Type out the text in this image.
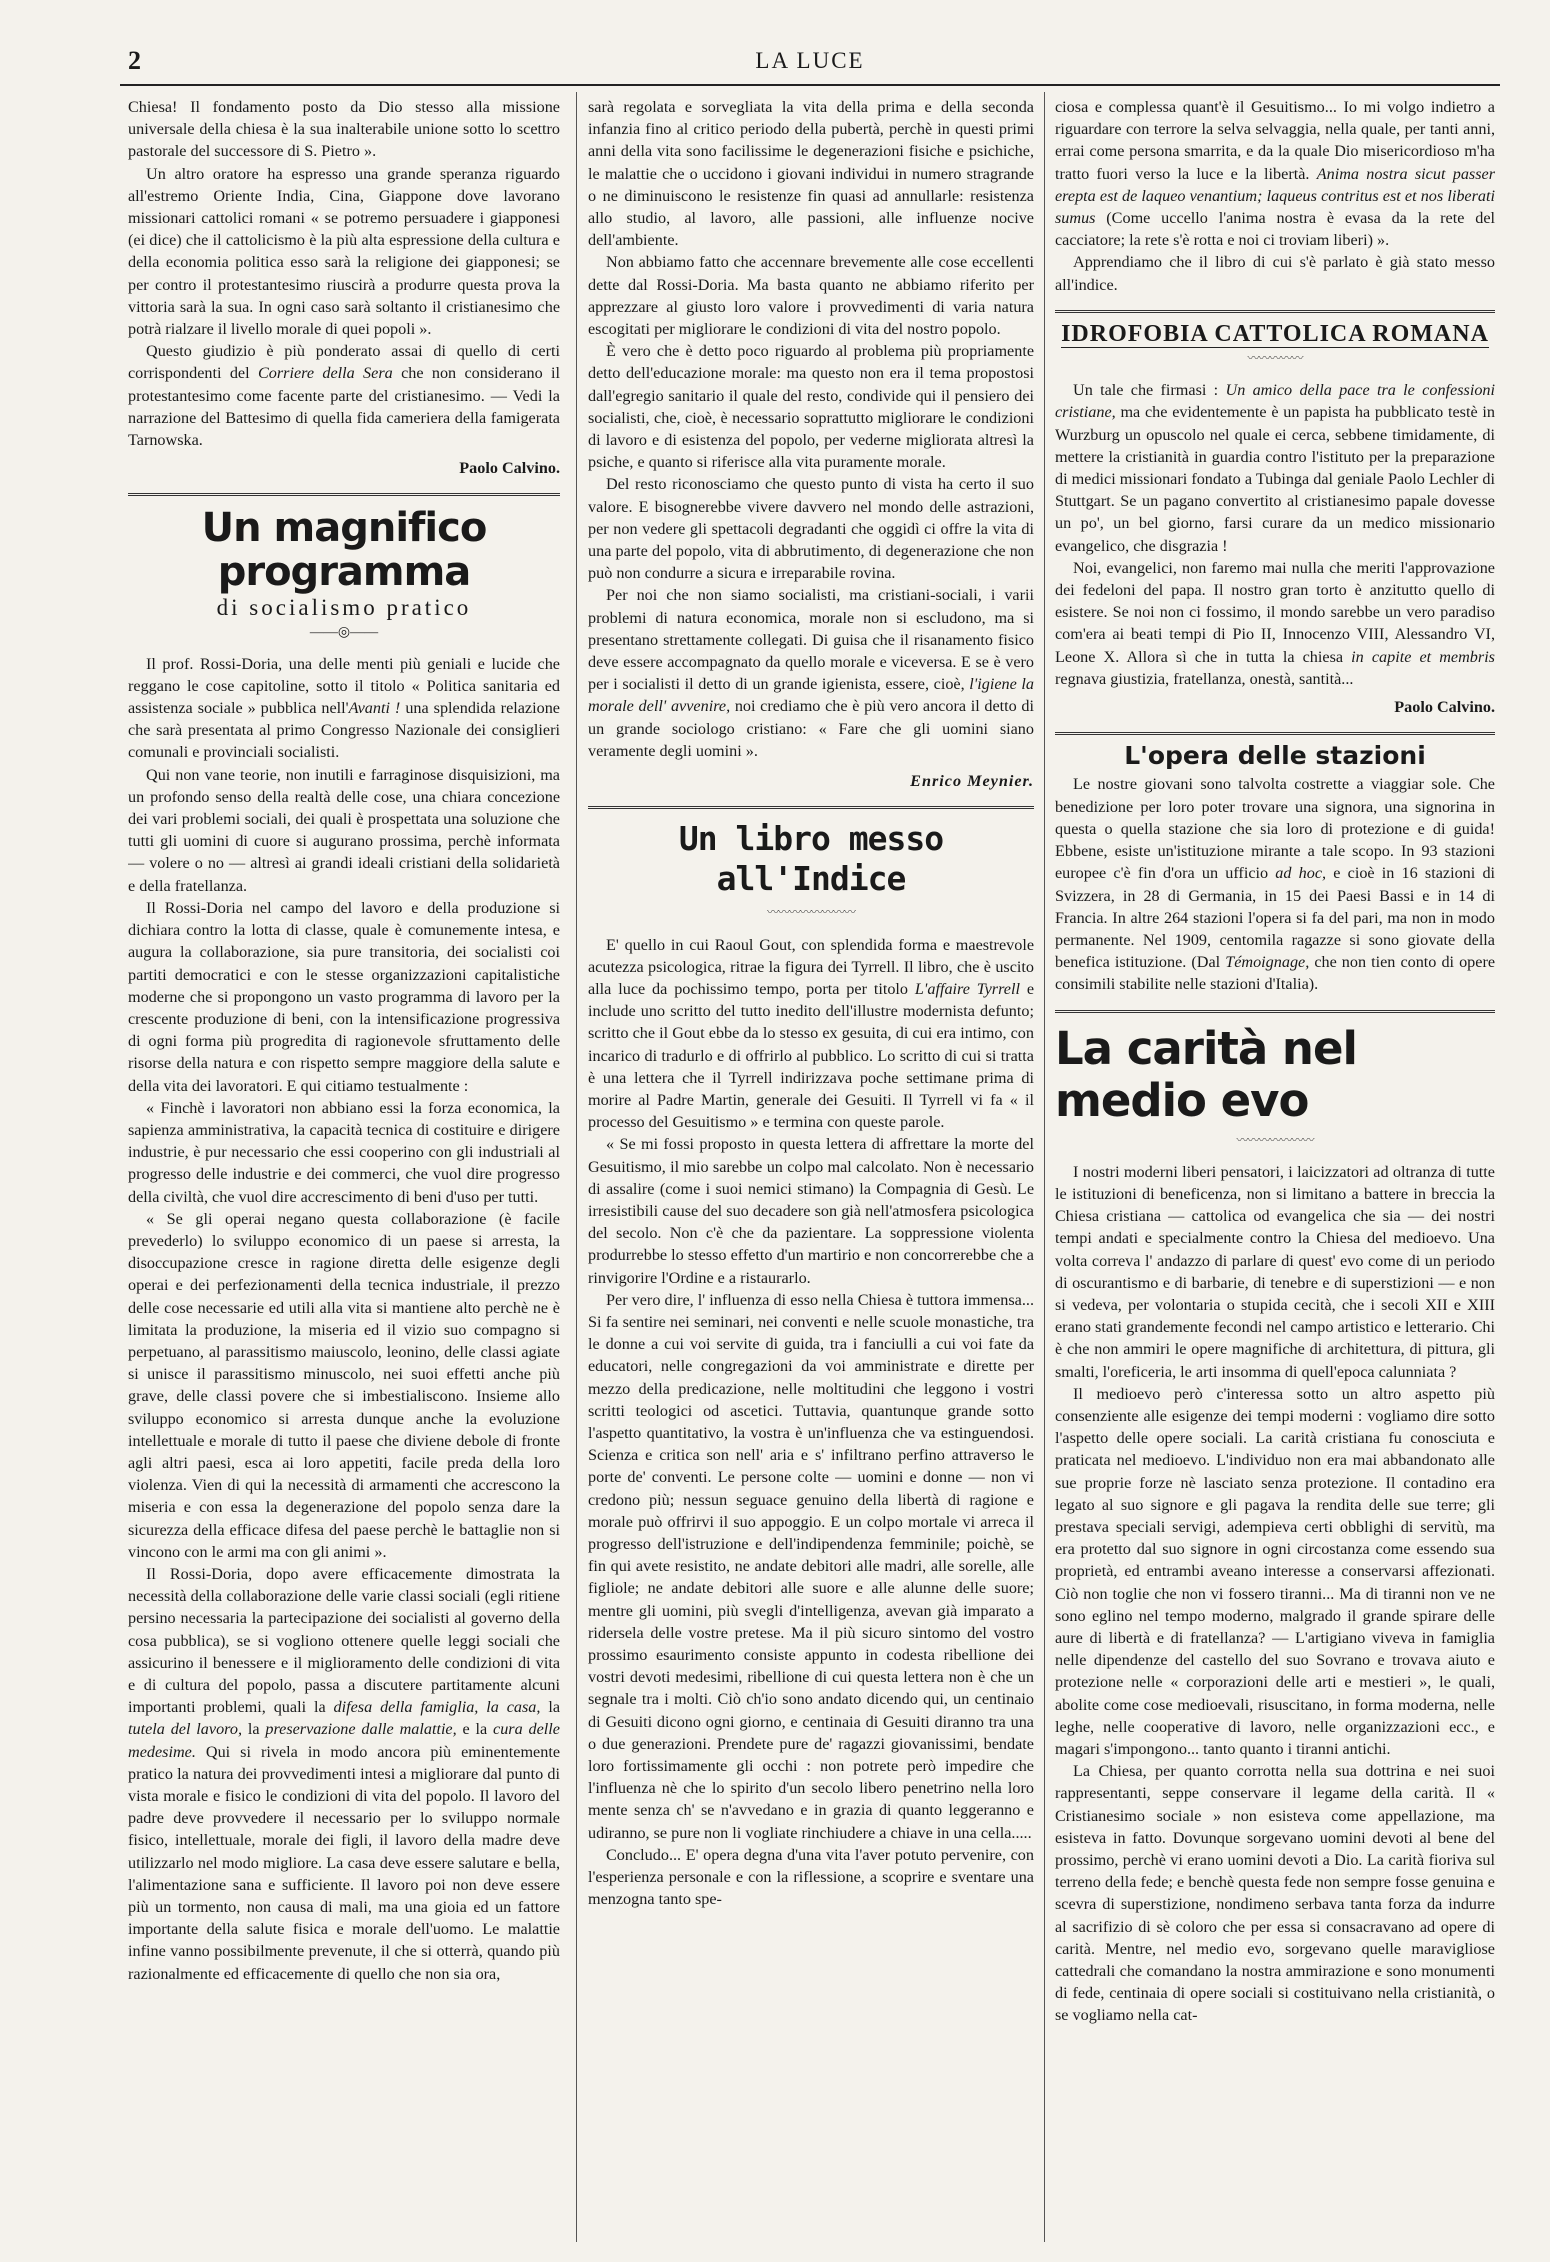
2	LA LUCE

Chiesa! Il fondamento posto da Dio stesso alla missione universale della chiesa è la sua inalterabile unione sotto lo scettro pastorale del successore di S. Pietro ».

Un altro oratore ha espresso una grande speranza riguardo all'estremo Oriente India, Cina, Giappone dove lavorano missionari cattolici romani « se potremo persuadere i giapponesi (ei dice) che il cattolicismo è la più alta espressione della cultura e della economia politica esso sarà la religione dei giapponesi; se per contro il protestantesimo riuscirà a produrre questa prova la vittoria sarà la sua. In ogni caso sarà soltanto il cristianesimo che potrà rialzare il livello morale di quei popoli ».

Questo giudizio è più ponderato assai di quello di certi corrispondenti del Corriere della Sera che non considerano il protestantesimo come facente parte del cristianesimo. — Vedi la narrazione del Battesimo di quella fida cameriera della famigerata Tarnowska.

Paolo Calvino.
Un magnifico programma
di socialismo pratico
——◎——

Il prof. Rossi-Doria, una delle menti più geniali e lucide che reggano le cose capitoline, sotto il titolo « Politica sanitaria ed assistenza sociale » pubblica nell'Avanti ! una splendida relazione che sarà presentata al primo Congresso Nazionale dei consiglieri comunali e provinciali socialisti.

Qui non vane teorie, non inutili e farraginose disquisizioni, ma un profondo senso della realtà delle cose, una chiara concezione dei vari problemi sociali, dei quali è prospettata una soluzione che tutti gli uomini di cuore si augurano prossima, perchè informata — volere o no — altresì ai grandi ideali cristiani della solidarietà e della fratellanza.

Il Rossi-Doria nel campo del lavoro e della produzione si dichiara contro la lotta di classe, quale è comunemente intesa, e augura la collaborazione, sia pure transitoria, dei socialisti coi partiti democratici e con le stesse organizzazioni capitalistiche moderne che si propongono un vasto programma di lavoro per la crescente produzione di beni, con la intensificazione progressiva di ogni forma più progredita di ragionevole sfruttamento delle risorse della natura e con rispetto sempre maggiore della salute e della vita dei lavoratori. E qui citiamo testualmente :

« Finchè i lavoratori non abbiano essi la forza economica, la sapienza amministrativa, la capacità tecnica di costituire e dirigere industrie, è pur necessario che essi cooperino con gli industriali al progresso delle industrie e dei commerci, che vuol dire progresso della civiltà, che vuol dire accrescimento di beni d'uso per tutti.

« Se gli operai negano questa collaborazione (è facile prevederlo) lo sviluppo economico di un paese si arresta, la disoccupazione cresce in ragione diretta delle esigenze degli operai e dei perfezionamenti della tecnica industriale, il prezzo delle cose necessarie ed utili alla vita si mantiene alto perchè ne è limitata la produzione, la miseria ed il vizio suo compagno si perpetuano, al parassitismo maiuscolo, leonino, delle classi agiate si unisce il parassitismo minuscolo, nei suoi effetti anche più grave, delle classi povere che si imbestialiscono. Insieme allo sviluppo economico si arresta dunque anche la evoluzione intellettuale e morale di tutto il paese che diviene debole di fronte agli altri paesi, esca ai loro appetiti, facile preda della loro violenza. Vien di qui la necessità di armamenti che accrescono la miseria e con essa la degenerazione del popolo senza dare la sicurezza della efficace difesa del paese perchè le battaglie non si vincono con le armi ma con gli animi ».

Il Rossi-Doria, dopo avere efficacemente dimostrata la necessità della collaborazione delle varie classi sociali (egli ritiene persino necessaria la partecipazione dei socialisti al governo della cosa pubblica), se si vogliono ottenere quelle leggi sociali che assicurino il benessere e il miglioramento delle condizioni di vita e di cultura del popolo, passa a discutere partitamente alcuni importanti problemi, quali la difesa della famiglia, la casa, la tutela del lavoro, la preservazione dalle malattie, e la cura delle medesime. Qui si rivela in modo ancora più eminentemente pratico la natura dei provvedimenti intesi a migliorare dal punto di vista morale e fisico le condizioni di vita del popolo. Il lavoro del padre deve provvedere il necessario per lo sviluppo normale fisico, intellettuale, morale dei figli, il lavoro della madre deve utilizzarlo nel modo migliore. La casa deve essere salutare e bella, l'alimentazione sana e sufficiente. Il lavoro poi non deve essere più un tormento, non causa di mali, ma una gioia ed un fattore importante della salute fisica e morale dell'uomo. Le malattie infine vanno possibilmente prevenute, il che si otterrà, quando più razionalmente ed efficacemente di quello che non sia ora,

sarà regolata e sorvegliata la vita della prima e della seconda infanzia fino al critico periodo della pubertà, perchè in questi primi anni della vita sono facilissime le degenerazioni fisiche e psichiche, le malattie che o uccidono i giovani individui in numero stragrande o ne diminuiscono le resistenze fin quasi ad annullarle: resistenza allo studio, al lavoro, alle passioni, alle influenze nocive dell'ambiente.

Non abbiamo fatto che accennare brevemente alle cose eccellenti dette dal Rossi-Doria. Ma basta quanto ne abbiamo riferito per apprezzare al giusto loro valore i provvedimenti di varia natura escogitati per migliorare le condizioni di vita del nostro popolo.

È vero che è detto poco riguardo al problema più propriamente detto dell'educazione morale: ma questo non era il tema propostosi dall'egregio sanitario il quale del resto, condivide qui il pensiero dei socialisti, che, cioè, è necessario soprattutto migliorare le condizioni di lavoro e di esistenza del popolo, per vederne migliorata altresì la psiche, e quanto si riferisce alla vita puramente morale.

Del resto riconosciamo che questo punto di vista ha certo il suo valore. E bisognerebbe vivere davvero nel mondo delle astrazioni, per non vedere gli spettacoli degradanti che oggidì ci offre la vita di una parte del popolo, vita di abbrutimento, di degenerazione che non può non condurre a sicura e irreparabile rovina.

Per noi che non siamo socialisti, ma cristiani-sociali, i varii problemi di natura economica, morale non si escludono, ma si presentano strettamente collegati. Di guisa che il risanamento fisico deve essere accompagnato da quello morale e viceversa. E se è vero per i socialisti il detto di un grande igienista, essere, cioè, l'igiene la morale dell' avvenire, noi crediamo che è più vero ancora il detto di un grande sociologo cristiano: « Fare che gli uomini siano veramente degli uomini ».

Enrico Meynier.
Un libro messo all'Indice
〰〰〰〰〰〰〰〰

E' quello in cui Raoul Gout, con splendida forma e maestrevole acutezza psicologica, ritrae la figura dei Tyrrell. Il libro, che è uscito alla luce da pochissimo tempo, porta per titolo L'affaire Tyrrell e include uno scritto del tutto inedito dell'illustre modernista defunto; scritto che il Gout ebbe da lo stesso ex gesuita, di cui era intimo, con incarico di tradurlo e di offrirlo al pubblico. Lo scritto di cui si tratta è una lettera che il Tyrrell indirizzava poche settimane prima di morire al Padre Martin, generale dei Gesuiti. Il Tyrrell vi fa « il processo del Gesuitismo » e termina con queste parole.

« Se mi fossi proposto in questa lettera di affrettare la morte del Gesuitismo, il mio sarebbe un colpo mal calcolato. Non è necessario di assalire (come i suoi nemici stimano) la Compagnia di Gesù. Le irresistibili cause del suo decadere son già nell'atmosfera psicologica del secolo. Non c'è che da pazientare. La soppressione violenta produrrebbe lo stesso effetto d'un martirio e non concorrerebbe che a rinvigorire l'Ordine e a ristaurarlo.

Per vero dire, l' influenza di esso nella Chiesa è tuttora immensa... Si fa sentire nei seminari, nei conventi e nelle scuole monastiche, tra le donne a cui voi servite di guida, tra i fanciulli a cui voi fate da educatori, nelle congregazioni da voi amministrate e dirette per mezzo della predicazione, nelle moltitudini che leggono i vostri scritti teologici od ascetici. Tuttavia, quantunque grande sotto l'aspetto quantitativo, la vostra è un'influenza che va estinguendosi. Scienza e critica son nell' aria e s' infiltrano perfino attraverso le porte de' conventi. Le persone colte — uomini e donne — non vi credono più; nessun seguace genuino della libertà di ragione e morale può offrirvi il suo appoggio. E un colpo mortale vi arreca il progresso dell'istruzione e dell'indipendenza femminile; poichè, se fin qui avete resistito, ne andate debitori alle madri, alle sorelle, alle figliole; ne andate debitori alle suore e alle alunne delle suore; mentre gli uomini, più svegli d'intelligenza, avevan già imparato a ridersela delle vostre pretese. Ma il più sicuro sintomo del vostro prossimo esaurimento consiste appunto in codesta ribellione dei vostri devoti medesimi, ribellione di cui questa lettera non è che un segnale tra i molti. Ciò ch'io sono andato dicendo qui, un centinaio di Gesuiti dicono ogni giorno, e centinaia di Gesuiti diranno tra una o due generazioni. Prendete pure de' ragazzi giovanissimi, bendate loro fortissimamente gli occhi : non potrete però impedire che l'influenza nè che lo spirito d'un secolo libero penetrino nella loro mente senza ch' se n'avvedano e in grazia di quanto leggeranno e udiranno, se pure non li vogliate rinchiudere a chiave in una cella.....

Concludo... E' opera degna d'una vita l'aver potuto pervenire, con l'esperienza personale e con la riflessione, a scoprire e sventare una menzogna tanto spe-

ciosa e complessa quant'è il Gesuitismo... Io mi volgo indietro a riguardare con terrore la selva selvaggia, nella quale, per tanti anni, errai come persona smarrita, e da la quale Dio misericordioso m'ha tratto fuori verso la luce e la libertà. Anima nostra sicut passer erepta est de laqueo venantium; laqueus contritus est et nos liberati sumus (Come uccello l'anima nostra è evasa da la rete del cacciatore; la rete s'è rotta e noi ci troviam liberi) ».

Apprendiamo che il libro di cui s'è parlato è già stato messo all'indice.

IDROFOBIA CATTOLICA ROMANA
〰〰〰〰〰

Un tale che firmasi : Un amico della pace tra le confessioni cristiane, ma che evidentemente è un papista ha pubblicato testè in Wurzburg un opuscolo nel quale ei cerca, sebbene timidamente, di mettere la cristianità in guardia contro l'istituto per la preparazione di medici missionari fondato a Tubinga dal geniale Paolo Lechler di Stuttgart. Se un pagano convertito al cristianesimo papale dovesse un po', un bel giorno, farsi curare da un medico missionario evangelico, che disgrazia !

Noi, evangelici, non faremo mai nulla che meriti l'approvazione dei fedeloni del papa. Il nostro gran torto è anzitutto quello di esistere. Se noi non ci fossimo, il mondo sarebbe un vero paradiso com'era ai beati tempi di Pio II, Innocenzo VIII, Alessandro VI, Leone X. Allora sì che in tutta la chiesa in capite et membris regnava giustizia, fratellanza, onestà, santità...

Paolo Calvino.
L'opera delle stazioni

Le nostre giovani sono talvolta costrette a viaggiar sole. Che benedizione per loro poter trovare una signora, una signorina in questa o quella stazione che sia loro di protezione e di guida! Ebbene, esiste un'istituzione mirante a tale scopo. In 93 stazioni europee c'è fin d'ora un ufficio ad hoc, e cioè in 16 stazioni di Svizzera, in 28 di Germania, in 15 dei Paesi Bassi e in 14 di Francia. In altre 264 stazioni l'opera si fa del pari, ma non in modo permanente. Nel 1909, centomila ragazze si sono giovate della benefica istituzione. (Dal Témoignage, che non tien conto di opere consimili stabilite nelle stazioni d'Italia).

La carità nel medio evo
〰〰〰〰〰〰〰

I nostri moderni liberi pensatori, i laicizzatori ad oltranza di tutte le istituzioni di beneficenza, non si limitano a battere in breccia la Chiesa cristiana — cattolica od evangelica che sia — dei nostri tempi andati e specialmente contro la Chiesa del medioevo. Una volta correva l' andazzo di parlare di quest' evo come di un periodo di oscurantismo e di barbarie, di tenebre e di superstizioni — e non si vedeva, per volontaria o stupida cecità, che i secoli XII e XIII erano stati grandemente fecondi nel campo artistico e letterario. Chi è che non ammiri le opere magnifiche di architettura, di pittura, gli smalti, l'oreficeria, le arti insomma di quell'epoca calunniata ?

Il medioevo però c'interessa sotto un altro aspetto più consenziente alle esigenze dei tempi moderni : vogliamo dire sotto l'aspetto delle opere sociali. La carità cristiana fu conosciuta e praticata nel medioevo. L'individuo non era mai abbandonato alle sue proprie forze nè lasciato senza protezione. Il contadino era legato al suo signore e gli pagava la rendita delle sue terre; gli prestava speciali servigi, adempieva certi obblighi di servitù, ma era protetto dal suo signore in ogni circostanza come essendo sua proprietà, ed entrambi aveano interesse a conservarsi affezionati. Ciò non toglie che non vi fossero tiranni... Ma di tiranni non ve ne sono eglino nel tempo moderno, malgrado il grande spirare delle aure di libertà e di fratellanza? — L'artigiano viveva in famiglia nelle dipendenze del castello del suo Sovrano e trovava aiuto e protezione nelle « corporazioni delle arti e mestieri », le quali, abolite come cose medioevali, risuscitano, in forma moderna, nelle leghe, nelle cooperative di lavoro, nelle organizzazioni ecc., e magari s'impongono... tanto quanto i tiranni antichi.

La Chiesa, per quanto corrotta nella sua dottrina e nei suoi rappresentanti, seppe conservare il legame della carità. Il « Cristianesimo sociale » non esisteva come appellazione, ma esisteva in fatto. Dovunque sorgevano uomini devoti al bene del prossimo, perchè vi erano uomini devoti a Dio. La carità fioriva sul terreno della fede; e benchè questa fede non sempre fosse genuina e scevra di superstizione, nondimeno serbava tanta forza da indurre al sacrifizio di sè coloro che per essa si consacravano ad opere di carità. Mentre, nel medio evo, sorgevano quelle maravigliose cattedrali che comandano la nostra ammirazione e sono monumenti di fede, centinaia di opere sociali si costituivano nella cristianità, o se vogliamo nella cat-
